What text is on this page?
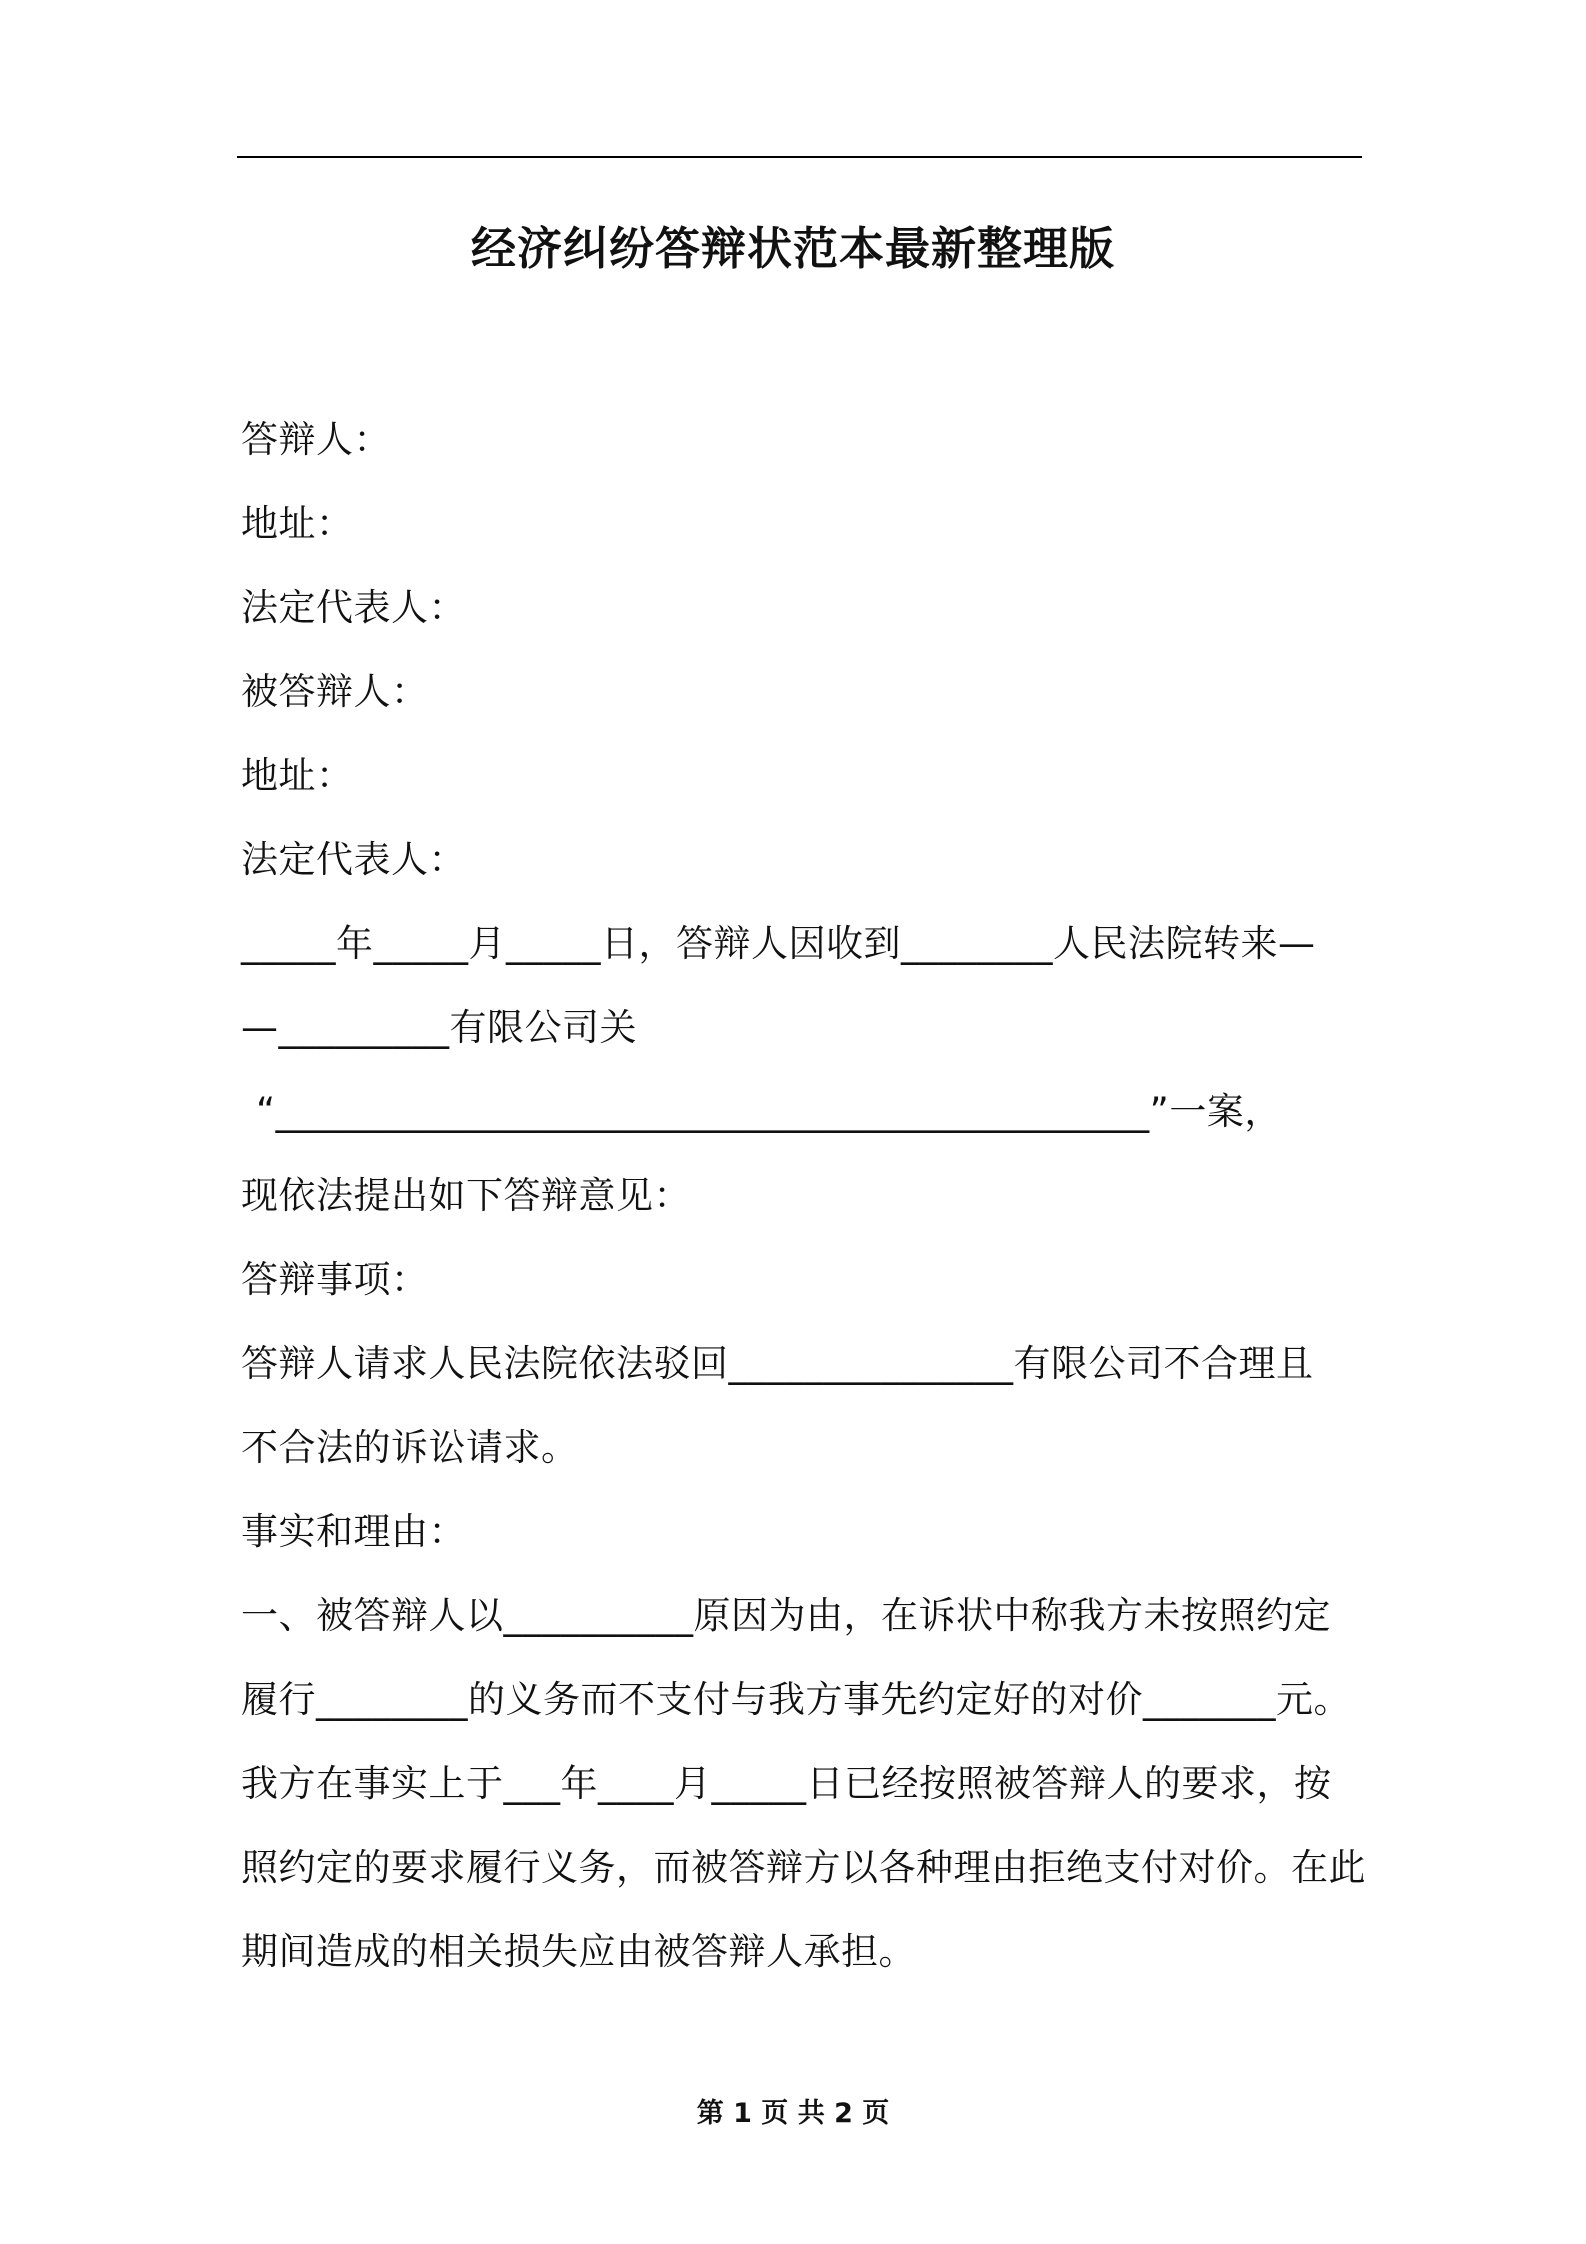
经济纠纷答辩状范本最新整理版
答辩人：
地址：
法定代表人：
被答辩人：
地址：
法定代表人：
_____年_____月_____日，答辩人因收到________人民法院转来—
—_________有限公司关
“______________________________________________”一案，
现依法提出如下答辩意见：
答辩事项：
答辩人请求人民法院依法驳回_______________有限公司不合理且
不合法的诉讼请求。
事实和理由：
一、被答辩人以__________原因为由，在诉状中称我方未按照约定
履行________的义务而不支付与我方事先约定好的对价_______元。
我方在事实上于___年____月_____日已经按照被答辩人的要求，按
照约定的要求履行义务，而被答辩方以各种理由拒绝支付对价。在此
期间造成的相关损失应由被答辩人承担。
第 1 页 共 2 页
